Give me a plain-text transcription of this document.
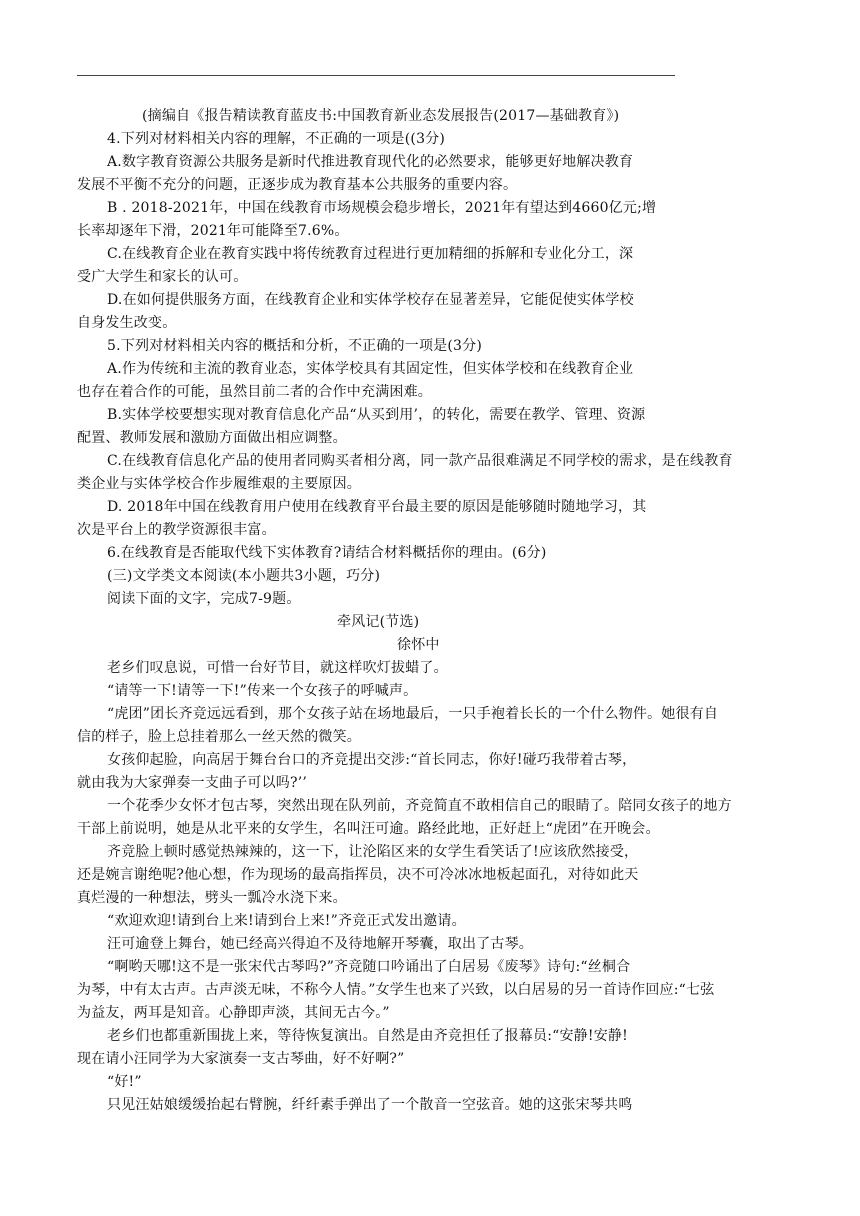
(摘编自《报告精读教育蓝皮书:中国教育新业态发展报告(2017—基础教育》)
4.下列对材料相关内容的理解，不正确的一项是((3分)
A.数字教育资源公共服务是新时代推进教育现代化的必然要求，能够更好地解决教育
发展不平衡不充分的问题，正逐步成为教育基本公共服务的重要内容。
B . 2018-2021年，中国在线教育市场规模会稳步增长，2021年有望达到4660亿元;增
长率却逐年下滑，2021年可能降至7.6%。
C.在线教育企业在教育实践中将传统教育过程进行更加精细的拆解和专业化分工，深
受广大学生和家长的认可。
D.在如何提供服务方面，在线教育企业和实体学校存在显著差异，它能促使实体学校
自身发生改变。
5.下列对材料相关内容的概括和分析，不正确的一项是(3分)
A.作为传统和主流的教育业态，实体学校具有其固定性，但实体学校和在线教育企业
也存在着合作的可能，虽然目前二者的合作中充满困难。
B.实体学校要想实现对教育信息化产品“从买到用’，的转化，需要在教学、管理、资源
配置、教师发展和激励方面做出相应调整。
C.在线教育信息化产品的使用者同购买者相分离，同一款产品很难满足不同学校的需求，是在线教育
类企业与实体学校合作步履维艰的主要原因。
D. 2018年中国在线教育用户使用在线教育平台最主要的原因是能够随时随地学习，其
次是平台上的教学资源很丰富。
6.在线教育是否能取代线下实体教育?请结合材料概括你的理由。(6分)
(三)文学类文本阅读(本小题共3小题，巧分)
阅读下面的文字，完成7-9题。
牵风记(节选)
徐怀中
老乡们叹息说，可惜一台好节目，就这样吹灯拔蜡了。
“请等一下!请等一下!”传来一个女孩子的呼喊声。
“虎团”团长齐竞远远看到，那个女孩子站在场地最后，一只手袍着长长的一个什么物件。她很有自
信的样子，脸上总挂着那么一丝天然的微笑。
女孩仰起脸，向高居于舞台台口的齐竞提出交涉:“首长同志，你好!碰巧我带着古琴，
就由我为大家弹奏一支曲子可以吗?’’
一个花季少女怀才包古琴，突然出现在队列前，齐竞简直不敢相信自己的眼睛了。陪同女孩子的地方
干部上前说明，她是从北平来的女学生，名叫汪可逾。路经此地，正好赶上“虎团”在开晚会。
齐竞脸上顿时感觉热辣辣的，这一下，让沦陷区来的女学生看笑话了!应该欣然接受，
还是婉言谢绝呢?他心想，作为现场的最高指挥员，决不可冷冰冰地板起面孔，对待如此天
真烂漫的一种想法，劈头一瓢冷水浇下来。
“欢迎欢迎!请到台上来!请到台上来!”齐竞正式发出邀请。
汪可逾登上舞台，她已经高兴得迫不及待地解开琴囊，取出了古琴。
“啊哟天哪!这不是一张宋代古琴吗?”齐竞随口吟诵出了白居易《废琴》诗句:“丝桐合
为琴，中有太古声。古声淡无味，不称今人情。”女学生也来了兴致，以白居易的另一首诗作回应:“七弦
为益友，两耳是知音。心静即声淡，其间无古今。”
老乡们也都重新围拢上来，等待恢复演出。自然是由齐竞担任了报幕员:“安静!安静!
现在请小汪同学为大家演奏一支古琴曲，好不好啊?”
“好!”
只见汪姑娘缓缓抬起右臂腕，纤纤素手弹出了一个散音一空弦音。她的这张宋琴共鸣
